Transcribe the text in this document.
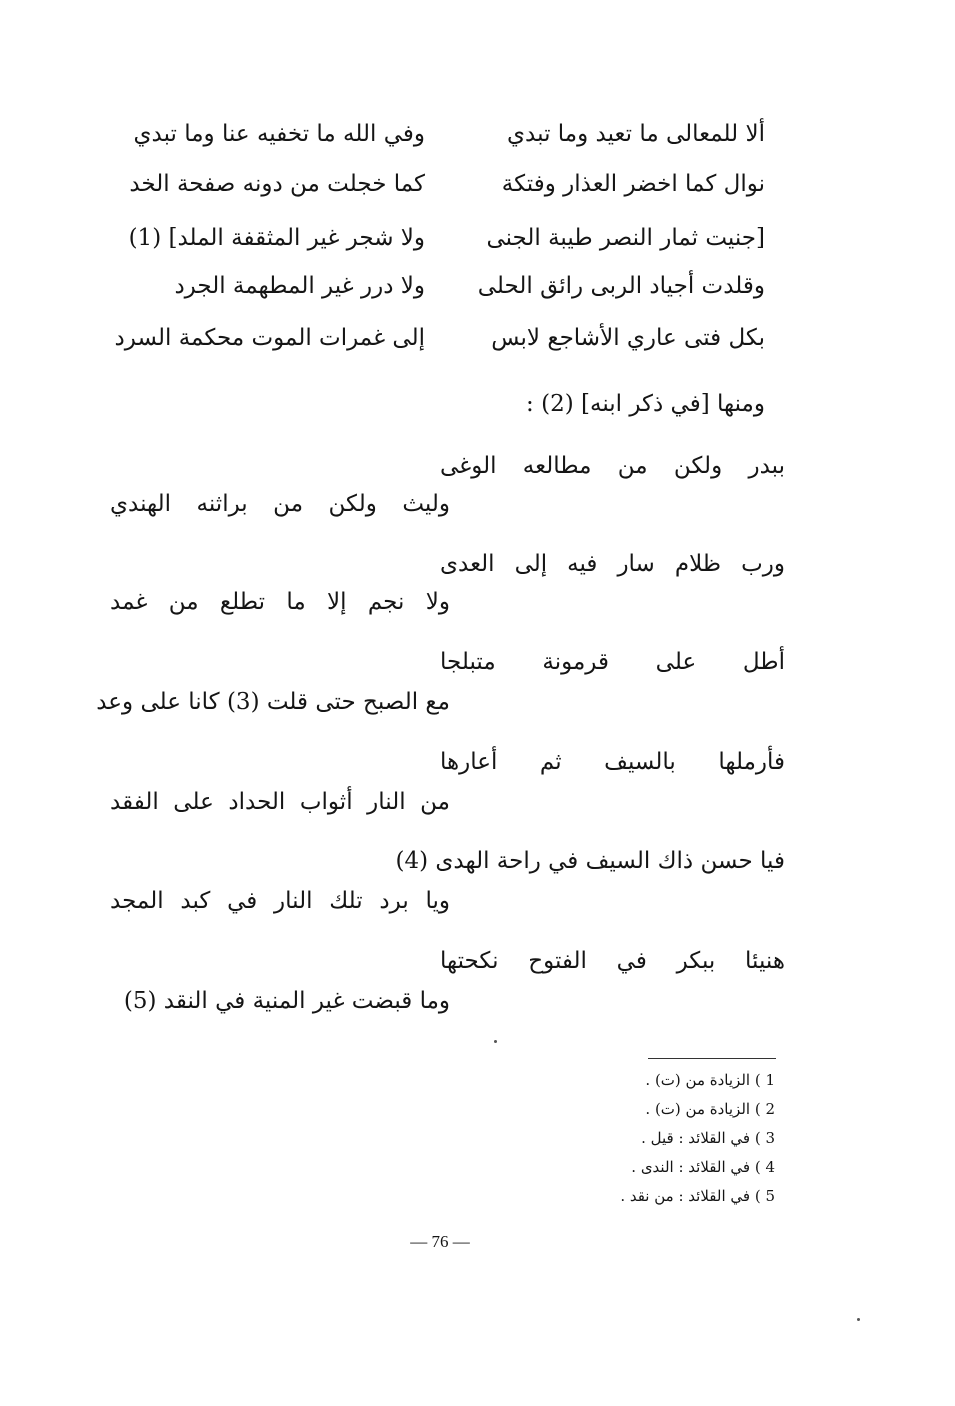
ألا للمعالى ما تعيد وما تبدي
وفي الله ما تخفيه عنا وما تبدي
نوال كما اخضر العذار وفتكة
كما خجلت من دونه صفحة الخد
[جنيت ثمار النصر طيبة الجنى
ولا شجر غير المثقفة الملد] (1)
وقلدت أجياد الربى رائق الحلى
ولا درر غير المطهمة الجرد
بكل فتى عاري الأشاجع لابس
إلى غمرات الموت محكمة السرد
ومنها [في ذكر ابنه] (2) :
ببدر ولكن من مطالعه الوغى
وليث ولكن من براثنه الهندي
ورب ظلام سار فيه إلى العدى
ولا نجم إلا ما تطلع من غمد
أطل على قرمونة متبلجا
مع الصبح حتى قلت (3) كانا على وعد
فأرملها بالسيف ثم أعارها
من النار أثواب الحداد على الفقد
فيا حسن ذاك السيف في راحة الهدى (4)
ويا برد تلك النار في كبد المجد
هنيئا ببكر في الفتوح نكحتها
وما قبضت غير المنية في النقد (5)
1 ) الزيادة من (ت) .
2 ) الزيادة من (ت) .
3 ) في القلائد : قيل .
4 ) في القلائد : الندى .
5 ) في القلائد : من نقد .
— 76 —
